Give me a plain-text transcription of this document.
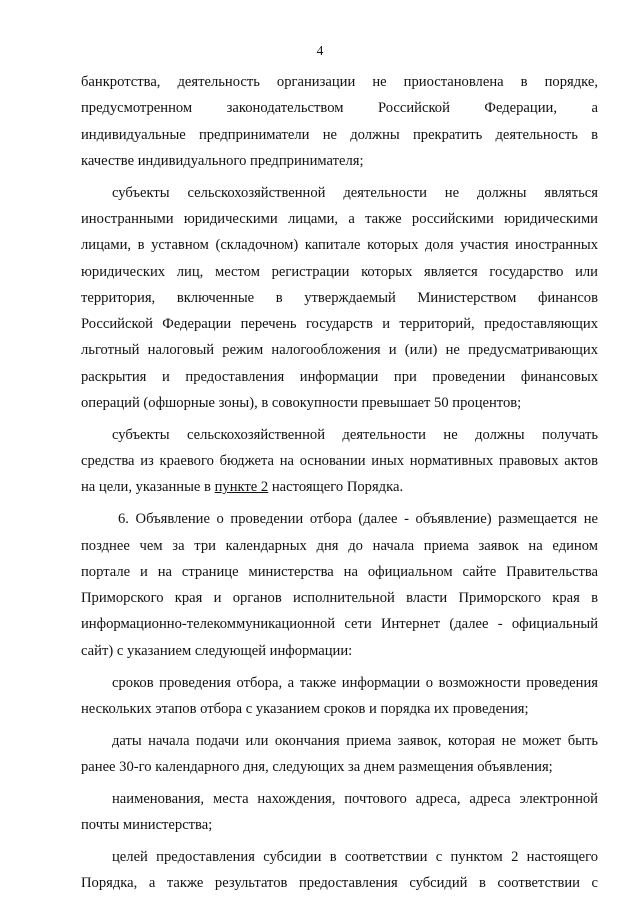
4
банкротства, деятельность организации не приостановлена в порядке,
предусмотренном законодательством Российской Федерации, а
индивидуальные предприниматели не должны прекратить деятельность в
качестве индивидуального предпринимателя;
субъекты сельскохозяйственной деятельности не должны являться
иностранными юридическими лицами, а также российскими юридическими
лицами, в уставном (складочном) капитале которых доля участия иностранных
юридических лиц, местом регистрации которых является государство или
территория, включенные в утверждаемый Министерством финансов
Российской Федерации перечень государств и территорий, предоставляющих
льготный налоговый режим налогообложения и (или) не предусматривающих
раскрытия и предоставления информации при проведении финансовых
операций (офшорные зоны), в совокупности превышает 50 процентов;
субъекты сельскохозяйственной деятельности не должны получать
средства из краевого бюджета на основании иных нормативных правовых актов
на цели, указанные в пункте 2 настоящего Порядка.
6. Объявление о проведении отбора (далее - объявление) размещается не
позднее чем за три календарных дня до начала приема заявок на едином
портале и на странице министерства на официальном сайте Правительства
Приморского края и органов исполнительной власти Приморского края в
информационно-телекоммуникационной сети Интернет (далее - официальный
сайт) с указанием следующей информации:
сроков проведения отбора, а также информации о возможности проведения
нескольких этапов отбора с указанием сроков и порядка их проведения;
даты начала подачи или окончания приема заявок, которая не может быть
ранее 30-го календарного дня, следующих за днем размещения объявления;
наименования, места нахождения, почтового адреса, адреса электронной
почты министерства;
целей предоставления субсидии в соответствии с пунктом 2 настоящего
Порядка, а также результатов предоставления субсидий в соответствии с
